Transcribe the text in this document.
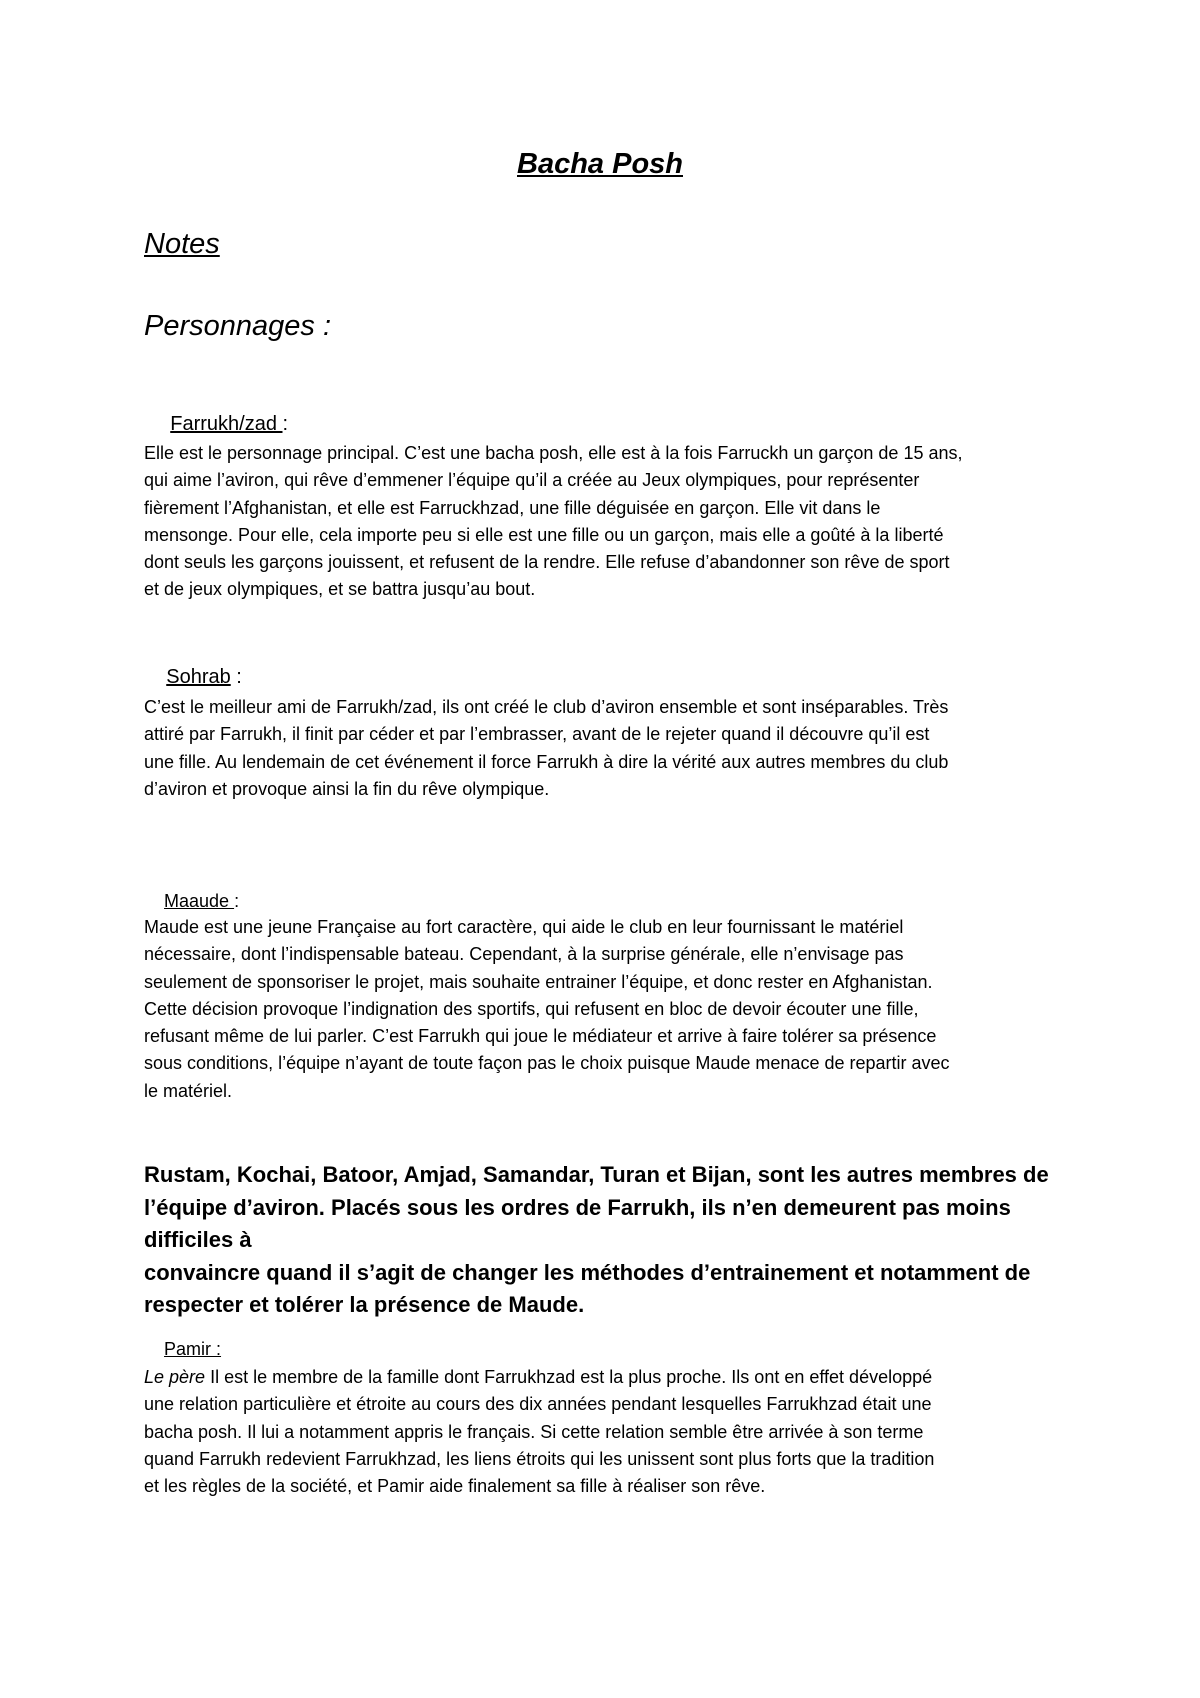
Bacha Posh
Notes
Personnages :

Farrukh/zad :

Elle est le personnage principal. C’est une bacha posh, elle est à la fois Farruckh un garçon de 15 ans,
qui aime l’aviron, qui rêve d’emmener l’équipe qu’il a créée au Jeux olympiques, pour représenter
fièrement l’Afghanistan, et elle est Farruckhzad, une fille déguisée en garçon. Elle vit dans le
mensonge. Pour elle, cela importe peu si elle est une fille ou un garçon, mais elle a goûté à la liberté
dont seuls les garçons jouissent, et refusent de la rendre. Elle refuse d’abandonner son rêve de sport
et de jeux olympiques, et se battra jusqu’au bout.

Sohrab :

C’est le meilleur ami de Farrukh/zad, ils ont créé le club d’aviron ensemble et sont inséparables. Très
attiré par Farrukh, il finit par céder et par l’embrasser, avant de le rejeter quand il découvre qu’il est
une fille. Au lendemain de cet événement il force Farrukh à dire la vérité aux autres membres du club
d’aviron et provoque ainsi la fin du rêve olympique.

Maaude :

Maude est une jeune Française au fort caractère, qui aide le club en leur fournissant le matériel
nécessaire, dont l’indispensable bateau. Cependant, à la surprise générale, elle n’envisage pas
seulement de sponsoriser le projet, mais souhaite entrainer l’équipe, et donc rester en Afghanistan.
Cette décision provoque l’indignation des sportifs, qui refusent en bloc de devoir écouter une fille,
refusant même de lui parler. C’est Farrukh qui joue le médiateur et arrive à faire tolérer sa présence
sous conditions, l’équipe n’ayant de toute façon pas le choix puisque Maude menace de repartir avec
le matériel.

Rustam, Kochai, Batoor, Amjad, Samandar, Turan et Bijan, sont les autres membres de
l’équipe d’aviron. Placés sous les ordres de Farrukh, ils n’en demeurent pas moins difficiles à
convaincre quand il s’agit de changer les méthodes d’entrainement et notamment de
respecter et tolérer la présence de Maude.

Pamir :

Le père Il est le membre de la famille dont Farrukhzad est la plus proche. Ils ont en effet développé
une relation particulière et étroite au cours des dix années pendant lesquelles Farrukhzad était une
bacha posh. Il lui a notamment appris le français. Si cette relation semble être arrivée à son terme
quand Farrukh redevient Farrukhzad, les liens étroits qui les unissent sont plus forts que la tradition
et les règles de la société, et Pamir aide finalement sa fille à réaliser son rêve.
